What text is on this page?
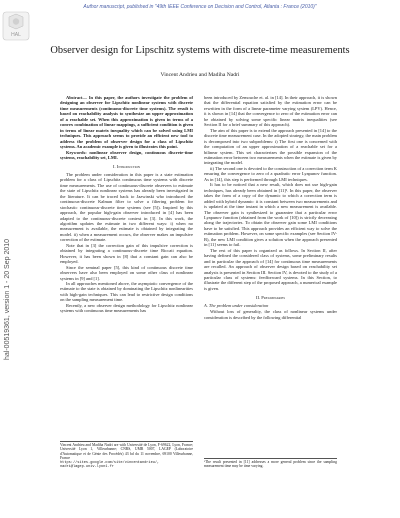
Author manuscript, published in "49th IEEE Conference on Decision and Control, Atlanta : France (2010)"
HAL
hal-00519361, version 1 - 20 Sep 2010
Observer design for Lipschitz systems with discrete-time measurements
Vincent Andrieu and Madiha Nadri

Abstract— In this paper, the authors investigate the problem of designing an observer for Lipschitz nonlinear systems with discrete time measurements (continuous-discrete time systems). The result is based on reachability analysis to synthesize an upper approximation of a reachable set. When this approximation is given in terms of a convex combination of linear mappings, a sufficient condition is given in terms of linear matrix inequality which can be solved using LMI techniques. This approach seems to provide an efficient new tool to address the problem of observer design for a class of Lipschitz systems. An academic example is given to illustrates this point.

Keywords: nonlinear observer design, continuous discrete-time systems, reachability set, LMI.

I. Introduction

The problem under consideration in this paper is a state estimation problem for a class of Lipschitz continuous time systems with discrete time measurements. The use of continuous-discrete observers to estimate the state of Lipschitz nonlinear systems has already been investigated in the literature. It can be traced back to Jazwinski who introduced the continuous-discrete Kalman filter to solve a filtering problem for stochastic continuous-discrete time systems (see [5]). Inspired by this approach, the popular high-gain observer introduced in [4] has been adapted to the continuous-discrete context in [3]. In this work, the algorithm updates the estimate in two different ways: i) when no measurement is available, the estimate is obtained by integrating the model. ii) when a measurement occurs, the observer makes an impulsive correction of the estimate.

Note that in [3] the correction gain of this impulsive correction is obtained by integrating a continuous-discrete time Riccati equation. However, it has been shown in [8] that a constant gain can also be employed.

Since the seminal paper [5], this kind of continuous discrete time observers have also been employed on some other class of nonlinear systems in [9] and [1].

In all approaches mentioned above, the asymptotic convergence of the estimate to the state is obtained by dominating the Lipschitz nonlinearities with high-gain techniques. This can lead to restrictive design conditions on the sampling measurement time.

Recently, a new observer design methodology for Lipschitz nonlinear systems with continuous time measurements has

Vincent Andrieu and Madiha Nadri are with Université de Lyon, F-69622, Lyon, France; Université Lyon 1, Villeurbanne; CNRS, UMR 5007, LAGEP (Laboratoire d'Automatique et de Génie des Procédés) 43 bd du 11 novembre, 69100 Villeurbanne, France
https://sites.google.com/site/vincentandrieu/,
nadri@lagep.univ-lyon1.fr

been introduced by Zemouche et. al. in [14]. In their approach, it is shown that the differential equation satisfied by the estimation error can be rewritten in the form of a linear parameter varying system (LPV). Hence, it is shown in [14] that the convergence to zero of the estimation error can be obtained by solving some specific linear matrix inequalities (see Section II for a brief summary of this approach).

The aim of this paper is to extend the approach presented in [14] to the discrete time measurement case. In the adopted strategy, the main problem is decomposed into two subproblems: i) The first one is concerned with the computation of an upper approximation of a reachable set for a bilinear system. This set characterizes the possible expansion of the estimation error between two measurements when the estimate is given by integrating the model.

ii) The second one is devoted to the construction of a correction term K ensuring the convergence to zero of a quadratic error Lyapunov function. As in [14], this step is performed through LMI techniques.

It has to be noticed that a new result, which does not use high-gain techniques, has already been obtained in [11]¹. In this paper, the observer takes the form of a copy of the dynamic to which a correction term is added with hybrid dynamic: it is constant between two measurements and is updated at the time instant in which a new measurement is available. The observer gain is synthesized to guarantee that a particular error Lyapunov function (obtained from the work of [10]) is strictly decreasing along the trajectories. To obtain the observer gain some LMI conditions have to be satisfied. This approach provides an efficient way to solve the estimation problem. However, on some specific examples (see Section IV-B), the new LMI condition gives a solution when the approach presented in [11] seems to fail.

The rest of this paper is organized as follows. In Section II, after having defined the considered class of systems, some preliminary results and in particular the approach of [14] for continuous time measurements are recalled. An approach of observer design based on reachability set analysis is presented in Section III. Section IV, is devoted to the study of a particular class of systems: feedforward systems. In this Section, to illustrate the different step of the proposed approach, a numerical example is given.

II. Preliminaries
A. The problem under consideration

Without loss of generality, the class of nonlinear systems under consideration is described by the following differential

¹The result presented in [11] addresses a more general problem since the sampling measurement time may be time varying.
